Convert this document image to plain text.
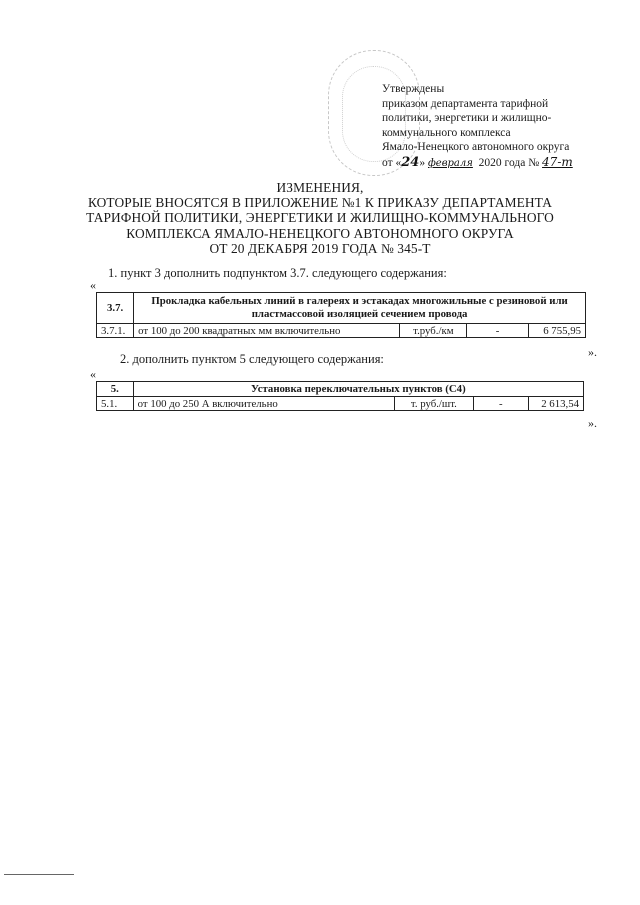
Утверждены
приказом департамента тарифной
политики, энергетики и жилищно-
коммунального комплекса
Ямало-Ненецкого автономного округа
от «24» февраля 2020 года № 47-т
ИЗМЕНЕНИЯ,
КОТОРЫЕ ВНОСЯТСЯ В ПРИЛОЖЕНИЕ №1 К ПРИКАЗУ ДЕПАРТАМЕНТА
ТАРИФНОЙ ПОЛИТИКИ, ЭНЕРГЕТИКИ И ЖИЛИЩНО-КОММУНАЛЬНОГО
КОМПЛЕКСА ЯМАЛО-НЕНЕЦКОГО АВТОНОМНОГО ОКРУГА
ОТ 20 ДЕКАБРЯ 2019 ГОДА № 345-Т
1. пункт 3 дополнить подпунктом 3.7. следующего содержания:
«
3.7.	Прокладка кабельных линий в галереях и эстакадах многожильные с резиновой или
пластмассовой изоляцией сечением провода			

3.7.1.	от 100 до 200 квадратных мм включительно	т.руб./км	-	6 755,95
».
2. дополнить пунктом 5 следующего содержания:
«
5.	Установка переключательных пунктов (С4)			
5.1.	от 100 до 250 А включительно	т. руб./шт.	-	2 613,54
».
